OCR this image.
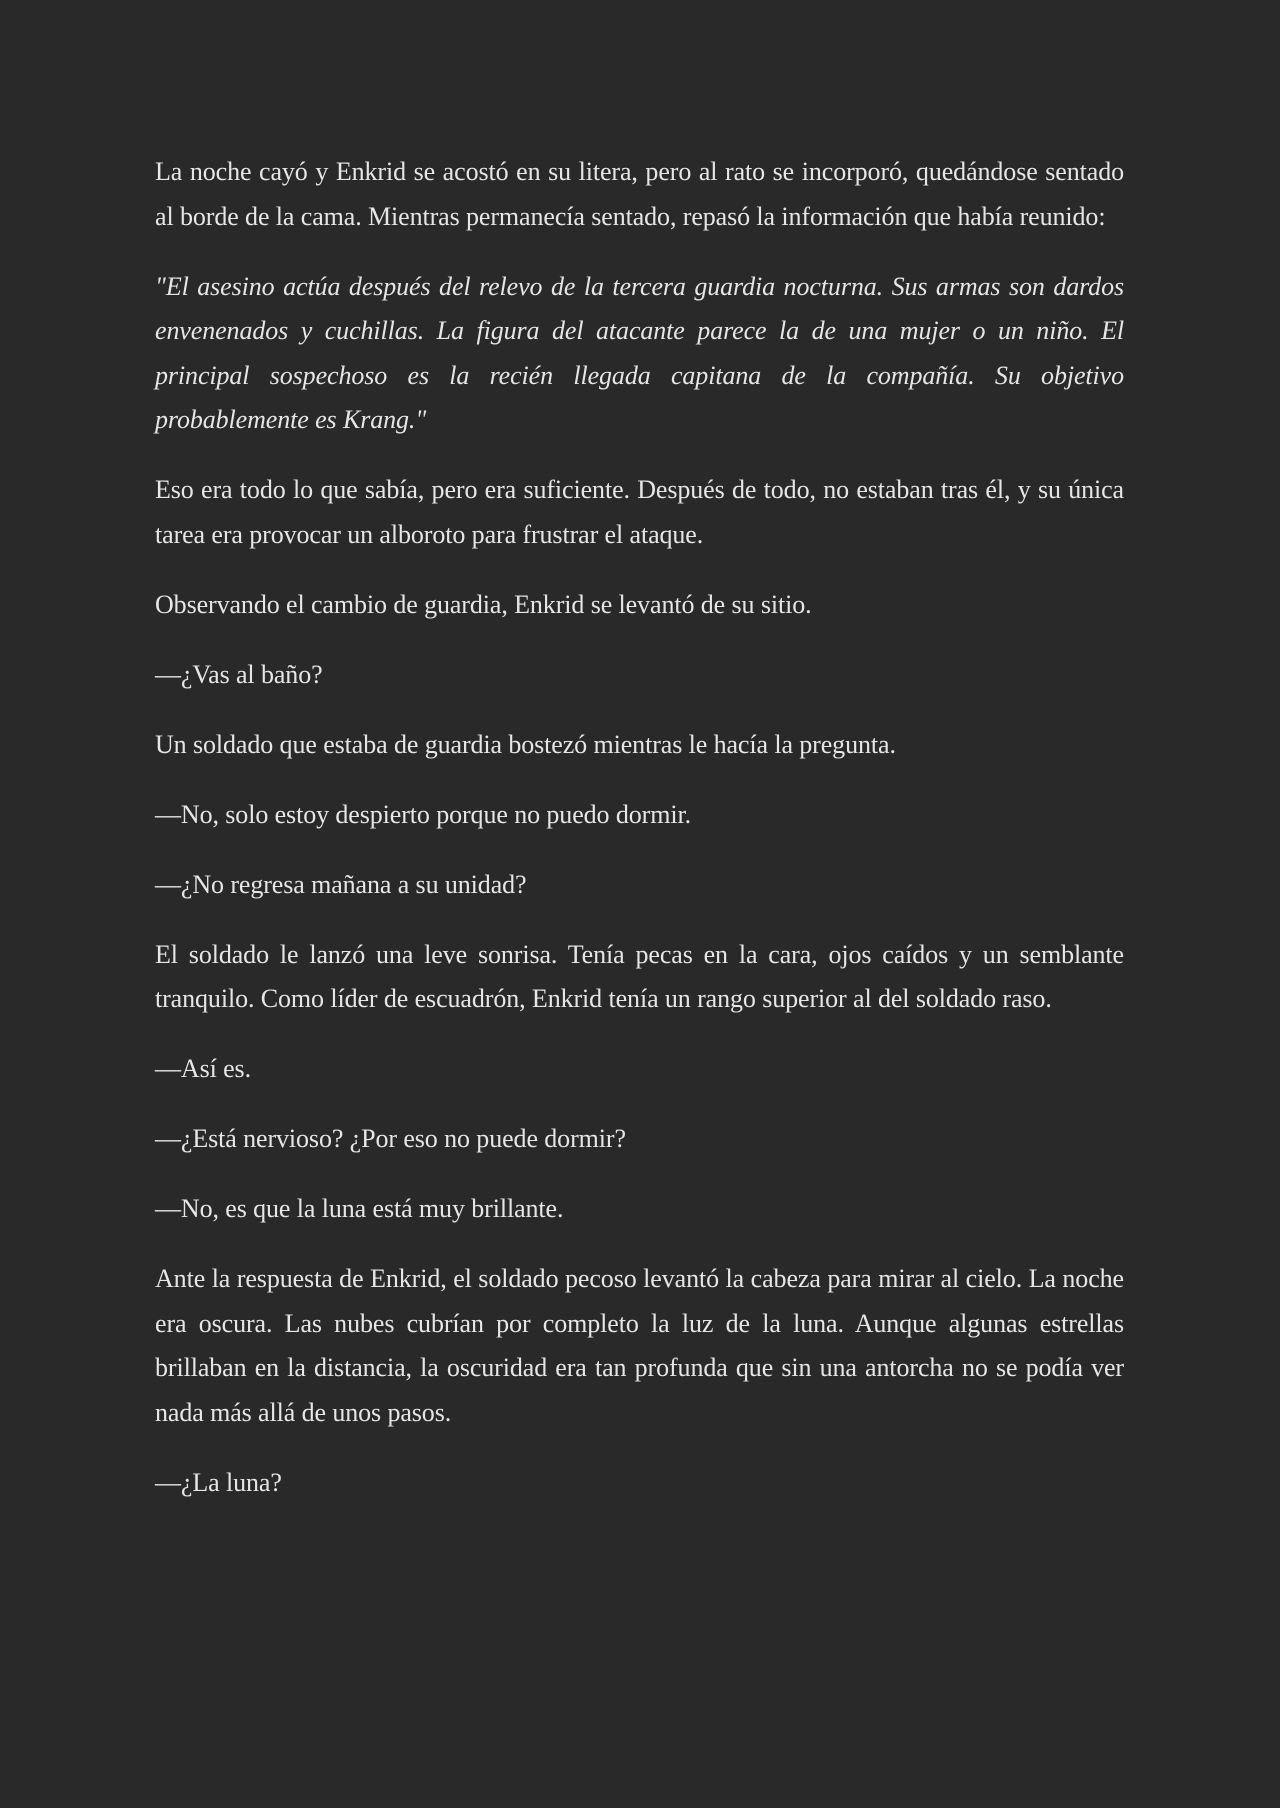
La noche cayó y Enkrid se acostó en su litera, pero al rato se incorporó, quedándose sentado al borde de la cama. Mientras permanecía sentado, repasó la información que había reunido:

"El asesino actúa después del relevo de la tercera guardia nocturna. Sus armas son dardos envenenados y cuchillas. La figura del atacante parece la de una mujer o un niño. El principal sospechoso es la recién llegada capitana de la compañía. Su objetivo probablemente es Krang."

Eso era todo lo que sabía, pero era suficiente. Después de todo, no estaban tras él, y su única tarea era provocar un alboroto para frustrar el ataque.

Observando el cambio de guardia, Enkrid se levantó de su sitio.

—¿Vas al baño?

Un soldado que estaba de guardia bostezó mientras le hacía la pregunta.

—No, solo estoy despierto porque no puedo dormir.

—¿No regresa mañana a su unidad?

El soldado le lanzó una leve sonrisa. Tenía pecas en la cara, ojos caídos y un semblante tranquilo. Como líder de escuadrón, Enkrid tenía un rango superior al del soldado raso.

—Así es.

—¿Está nervioso? ¿Por eso no puede dormir?

—No, es que la luna está muy brillante.

Ante la respuesta de Enkrid, el soldado pecoso levantó la cabeza para mirar al cielo. La noche era oscura. Las nubes cubrían por completo la luz de la luna. Aunque algunas estrellas brillaban en la distancia, la oscuridad era tan profunda que sin una antorcha no se podía ver nada más allá de unos pasos.

—¿La luna?
